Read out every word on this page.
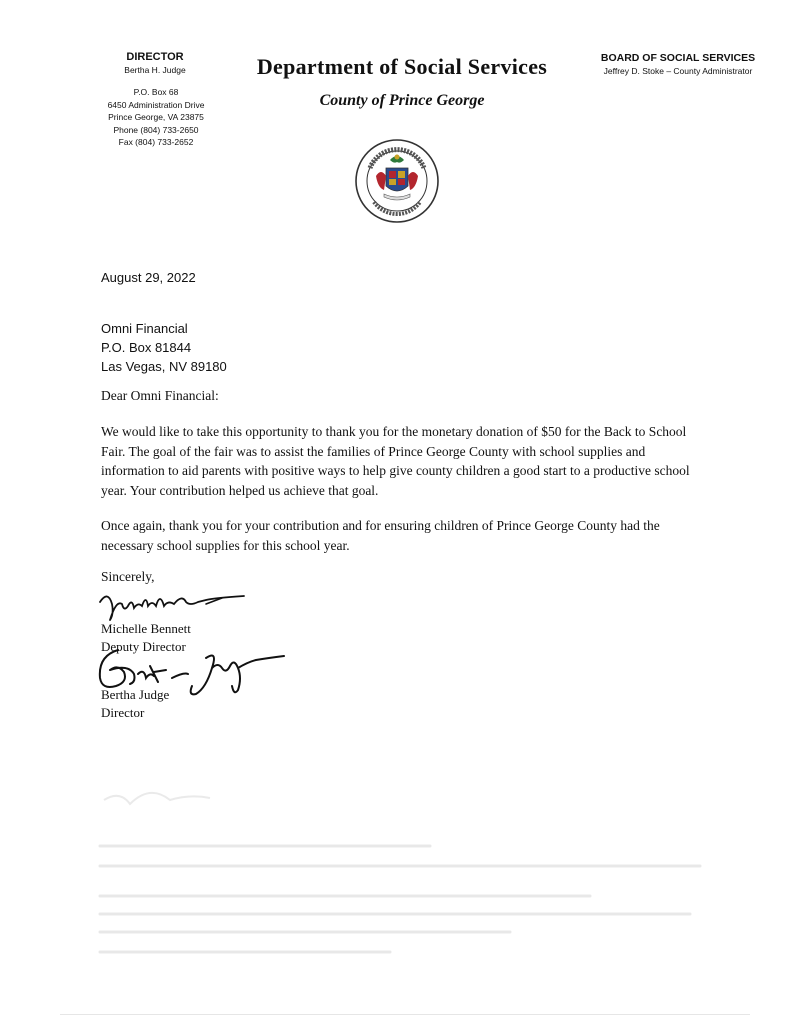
DIRECTOR
Bertha H. Judge
P.O. Box 68
6450 Administration Drive
Prince George, VA 23875
Phone (804) 733-2650
Fax (804) 733-2652
Department of Social Services
County of Prince George
BOARD OF SOCIAL SERVICES
Jeffrey D. Stoke – County Administrator
August 29, 2022
Omni Financial
P.O. Box 81844
Las Vegas, NV 89180
Dear Omni Financial:
We would like to take this opportunity to thank you for the monetary donation of $50 for the Back to School Fair. The goal of the fair was to assist the families of Prince George County with school supplies and information to aid parents with positive ways to help give county children a good start to a productive school year. Your contribution helped us achieve that goal.
Once again, thank you for your contribution and for ensuring children of Prince George County had the necessary school supplies for this school year.
Sincerely,
Michelle Bennett
Deputy Director
Bertha Judge
Director
